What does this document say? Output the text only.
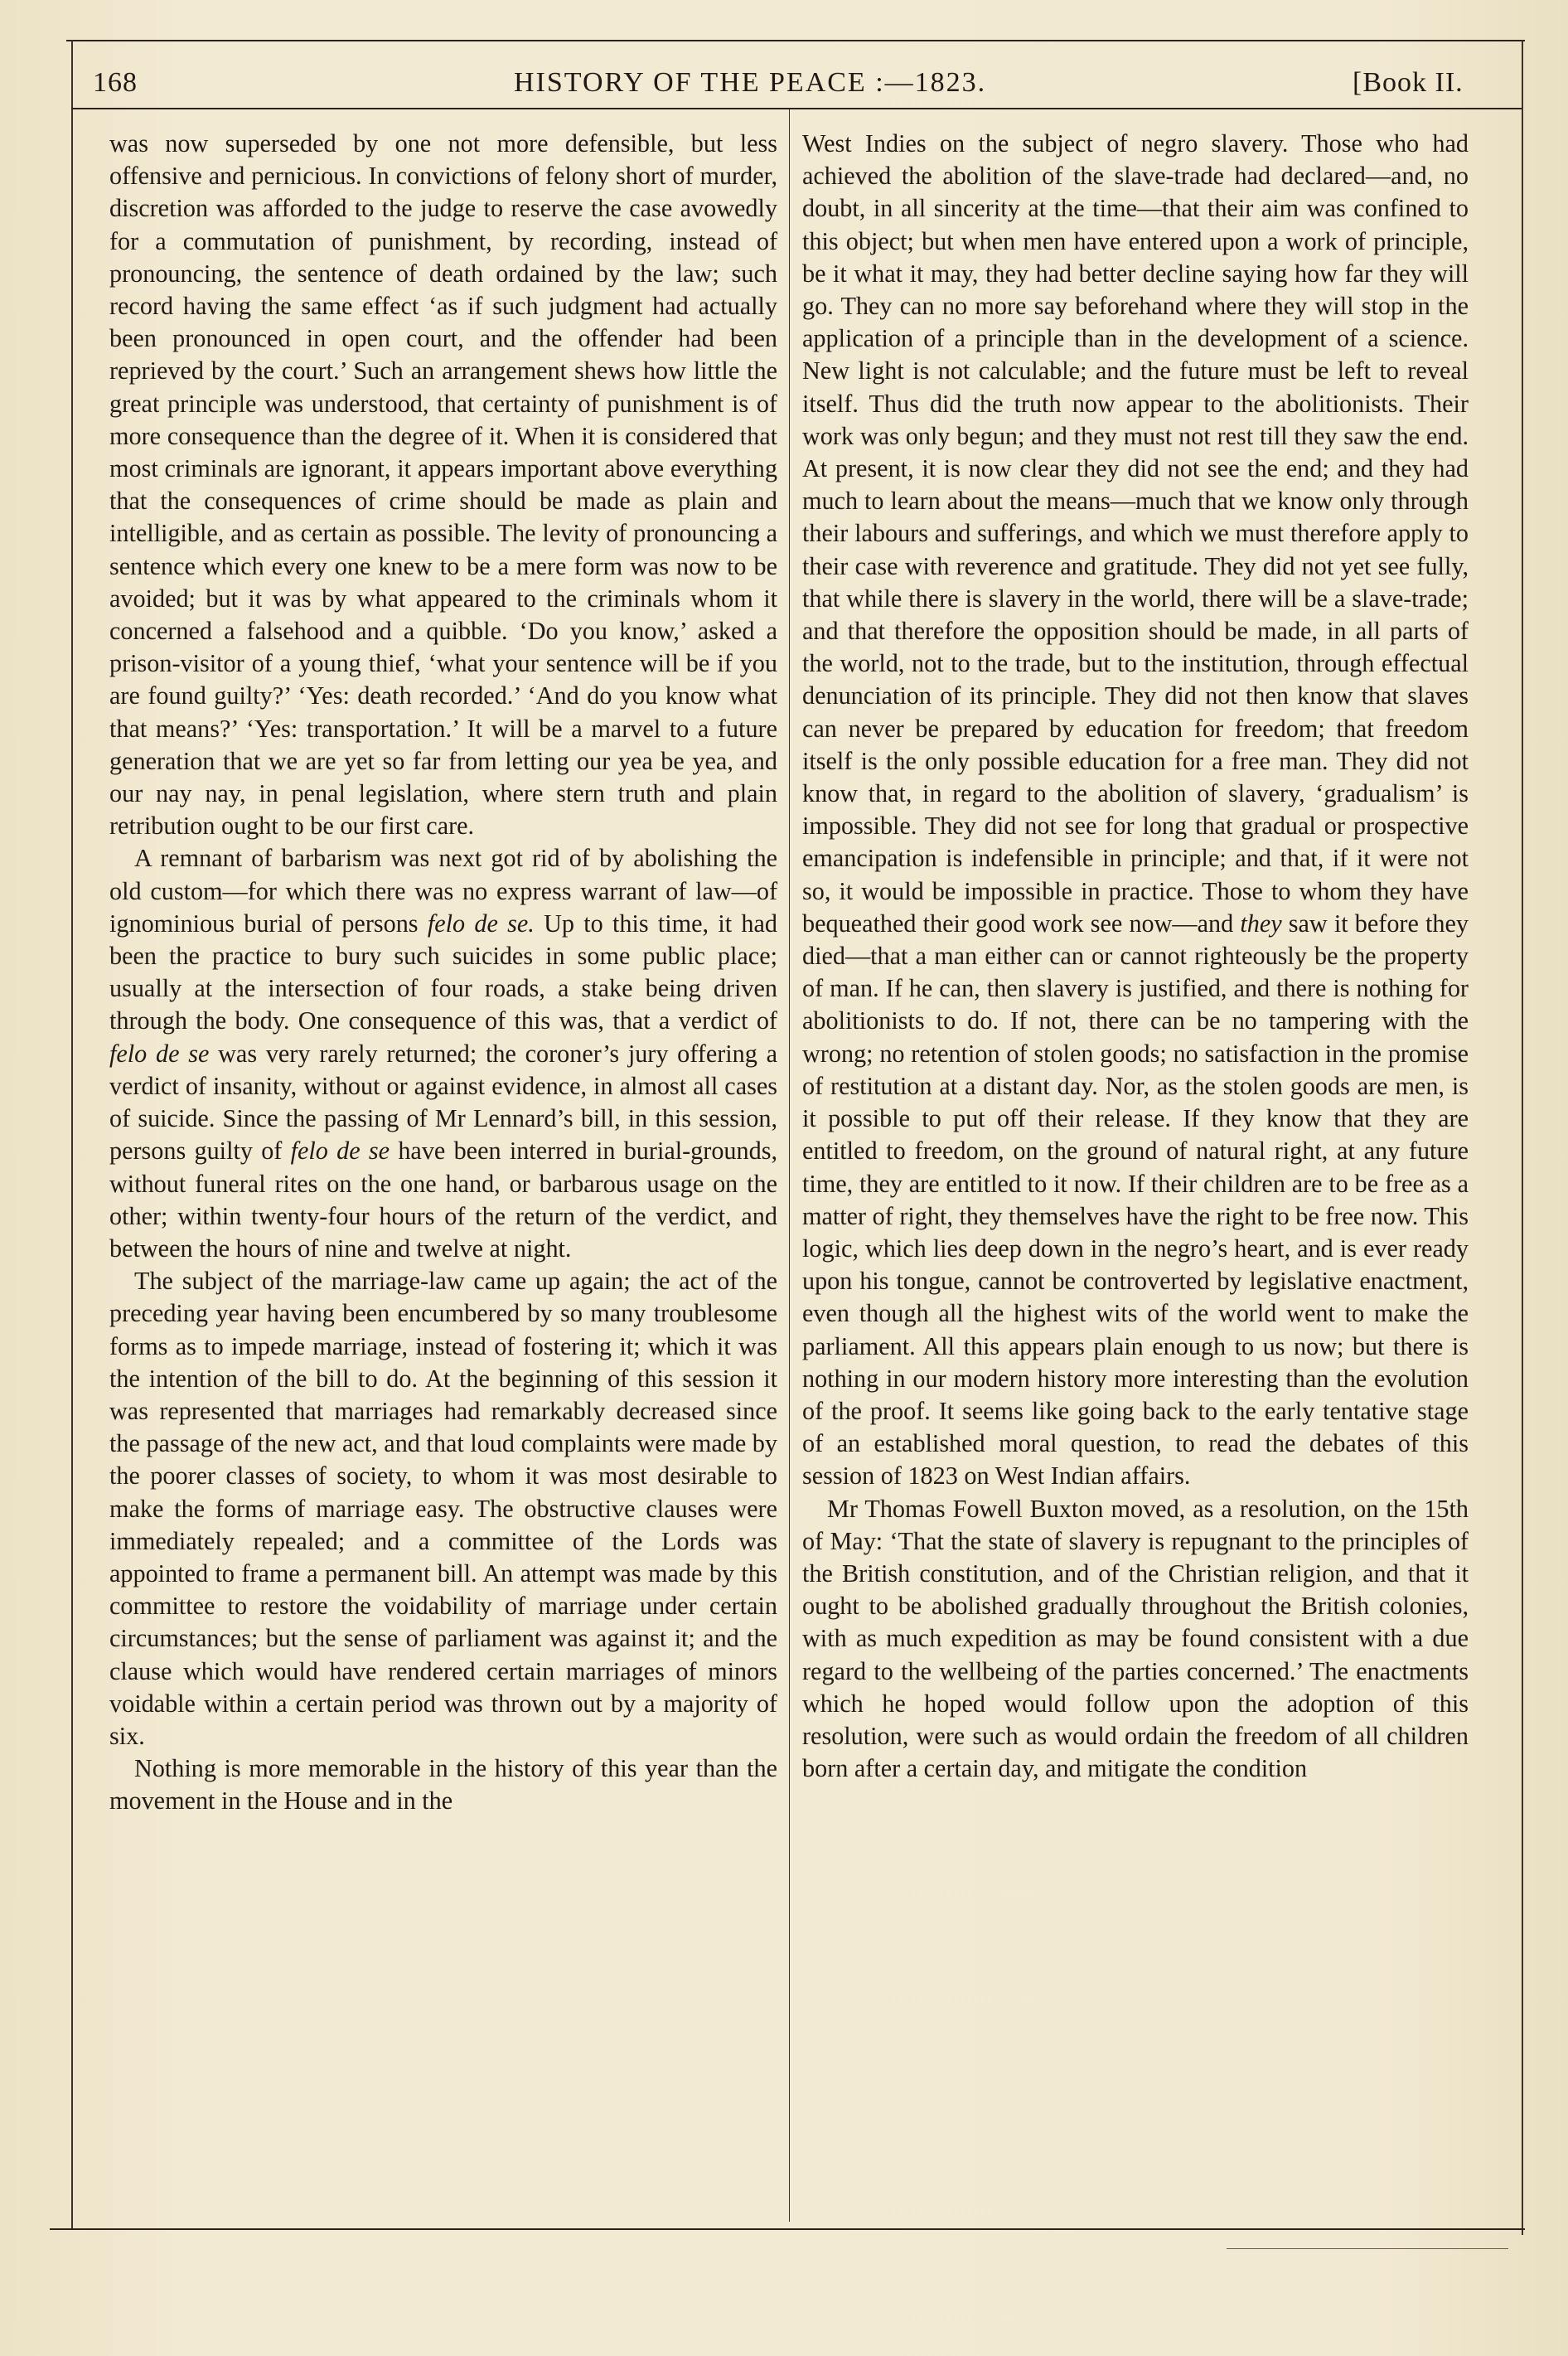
168	HISTORY OF THE PEACE :—1823.	[Book II.

was now superseded by one not more defensible, but less offensive and pernicious. In convictions of felony short of murder, discretion was afforded to the judge to reserve the case avowedly for a commutation of punishment, by recording, instead of pronouncing, the sentence of death ordained by the law; such record having the same effect ‘as if such judgment had actually been pronounced in open court, and the offender had been reprieved by the court.’ Such an arrangement shews how little the great principle was understood, that certainty of punishment is of more consequence than the degree of it. When it is considered that most criminals are ignorant, it appears important above everything that the consequences of crime should be made as plain and intelligible, and as certain as possible. The levity of pronouncing a sentence which every one knew to be a mere form was now to be avoided; but it was by what appeared to the criminals whom it concerned a falsehood and a quibble. ‘Do you know,’ asked a prison-visitor of a young thief, ‘what your sentence will be if you are found guilty?’ ‘Yes: death recorded.’ ‘And do you know what that means?’ ‘Yes: transportation.’ It will be a marvel to a future generation that we are yet so far from letting our yea be yea, and our nay nay, in penal legislation, where stern truth and plain retribution ought to be our first care.

A remnant of barbarism was next got rid of by abolishing the old custom—for which there was no express warrant of law—of ignominious burial of persons felo de se. Up to this time, it had been the practice to bury such suicides in some public place; usually at the intersection of four roads, a stake being driven through the body. One consequence of this was, that a verdict of felo de se was very rarely returned; the coroner’s jury offering a verdict of insanity, without or against evidence, in almost all cases of suicide. Since the passing of Mr Lennard’s bill, in this session, persons guilty of felo de se have been interred in burial-grounds, without funeral rites on the one hand, or barbarous usage on the other; within twenty-four hours of the return of the verdict, and between the hours of nine and twelve at night.

The subject of the marriage-law came up again; the act of the preceding year having been encumbered by so many troublesome forms as to impede marriage, instead of fostering it; which it was the intention of the bill to do. At the beginning of this session it was represented that marriages had remarkably decreased since the passage of the new act, and that loud complaints were made by the poorer classes of society, to whom it was most desirable to make the forms of marriage easy. The obstructive clauses were immediately repealed; and a committee of the Lords was appointed to frame a permanent bill. An attempt was made by this committee to restore the voidability of marriage under certain circumstances; but the sense of parliament was against it; and the clause which would have rendered certain marriages of minors voidable within a certain period was thrown out by a majority of six.

Nothing is more memorable in the history of this year than the movement in the House and in the

West Indies on the subject of negro slavery. Those who had achieved the abolition of the slave-trade had declared—and, no doubt, in all sincerity at the time—that their aim was confined to this object; but when men have entered upon a work of principle, be it what it may, they had better decline saying how far they will go. They can no more say beforehand where they will stop in the application of a principle than in the development of a science. New light is not calculable; and the future must be left to reveal itself. Thus did the truth now appear to the abolitionists. Their work was only begun; and they must not rest till they saw the end. At present, it is now clear they did not see the end; and they had much to learn about the means—much that we know only through their labours and sufferings, and which we must therefore apply to their case with reverence and gratitude. They did not yet see fully, that while there is slavery in the world, there will be a slave-trade; and that therefore the opposition should be made, in all parts of the world, not to the trade, but to the institution, through effectual denunciation of its principle. They did not then know that slaves can never be prepared by education for freedom; that freedom itself is the only possible education for a free man. They did not know that, in regard to the abolition of slavery, ‘gradualism’ is impossible. They did not see for long that gradual or prospective emancipation is indefensible in principle; and that, if it were not so, it would be impossible in practice. Those to whom they have bequeathed their good work see now—and they saw it before they died—that a man either can or cannot righteously be the property of man. If he can, then slavery is justified, and there is nothing for abolitionists to do. If not, there can be no tampering with the wrong; no retention of stolen goods; no satisfaction in the promise of restitution at a distant day. Nor, as the stolen goods are men, is it possible to put off their release. If they know that they are entitled to freedom, on the ground of natural right, at any future time, they are entitled to it now. If their children are to be free as a matter of right, they themselves have the right to be free now. This logic, which lies deep down in the negro’s heart, and is ever ready upon his tongue, cannot be controverted by legislative enactment, even though all the highest wits of the world went to make the parliament. All this appears plain enough to us now; but there is nothing in our modern history more interesting than the evolution of the proof. It seems like going back to the early tentative stage of an established moral question, to read the debates of this session of 1823 on West Indian affairs.

Mr Thomas Fowell Buxton moved, as a resolution, on the 15th of May: ‘That the state of slavery is repugnant to the principles of the British constitution, and of the Christian religion, and that it ought to be abolished gradually throughout the British colonies, with as much expedition as may be found consistent with a due regard to the wellbeing of the parties concerned.’ The enactments which he hoped would follow upon the adoption of this resolution, were such as would ordain the freedom of all children born after a certain day, and mitigate the condition
